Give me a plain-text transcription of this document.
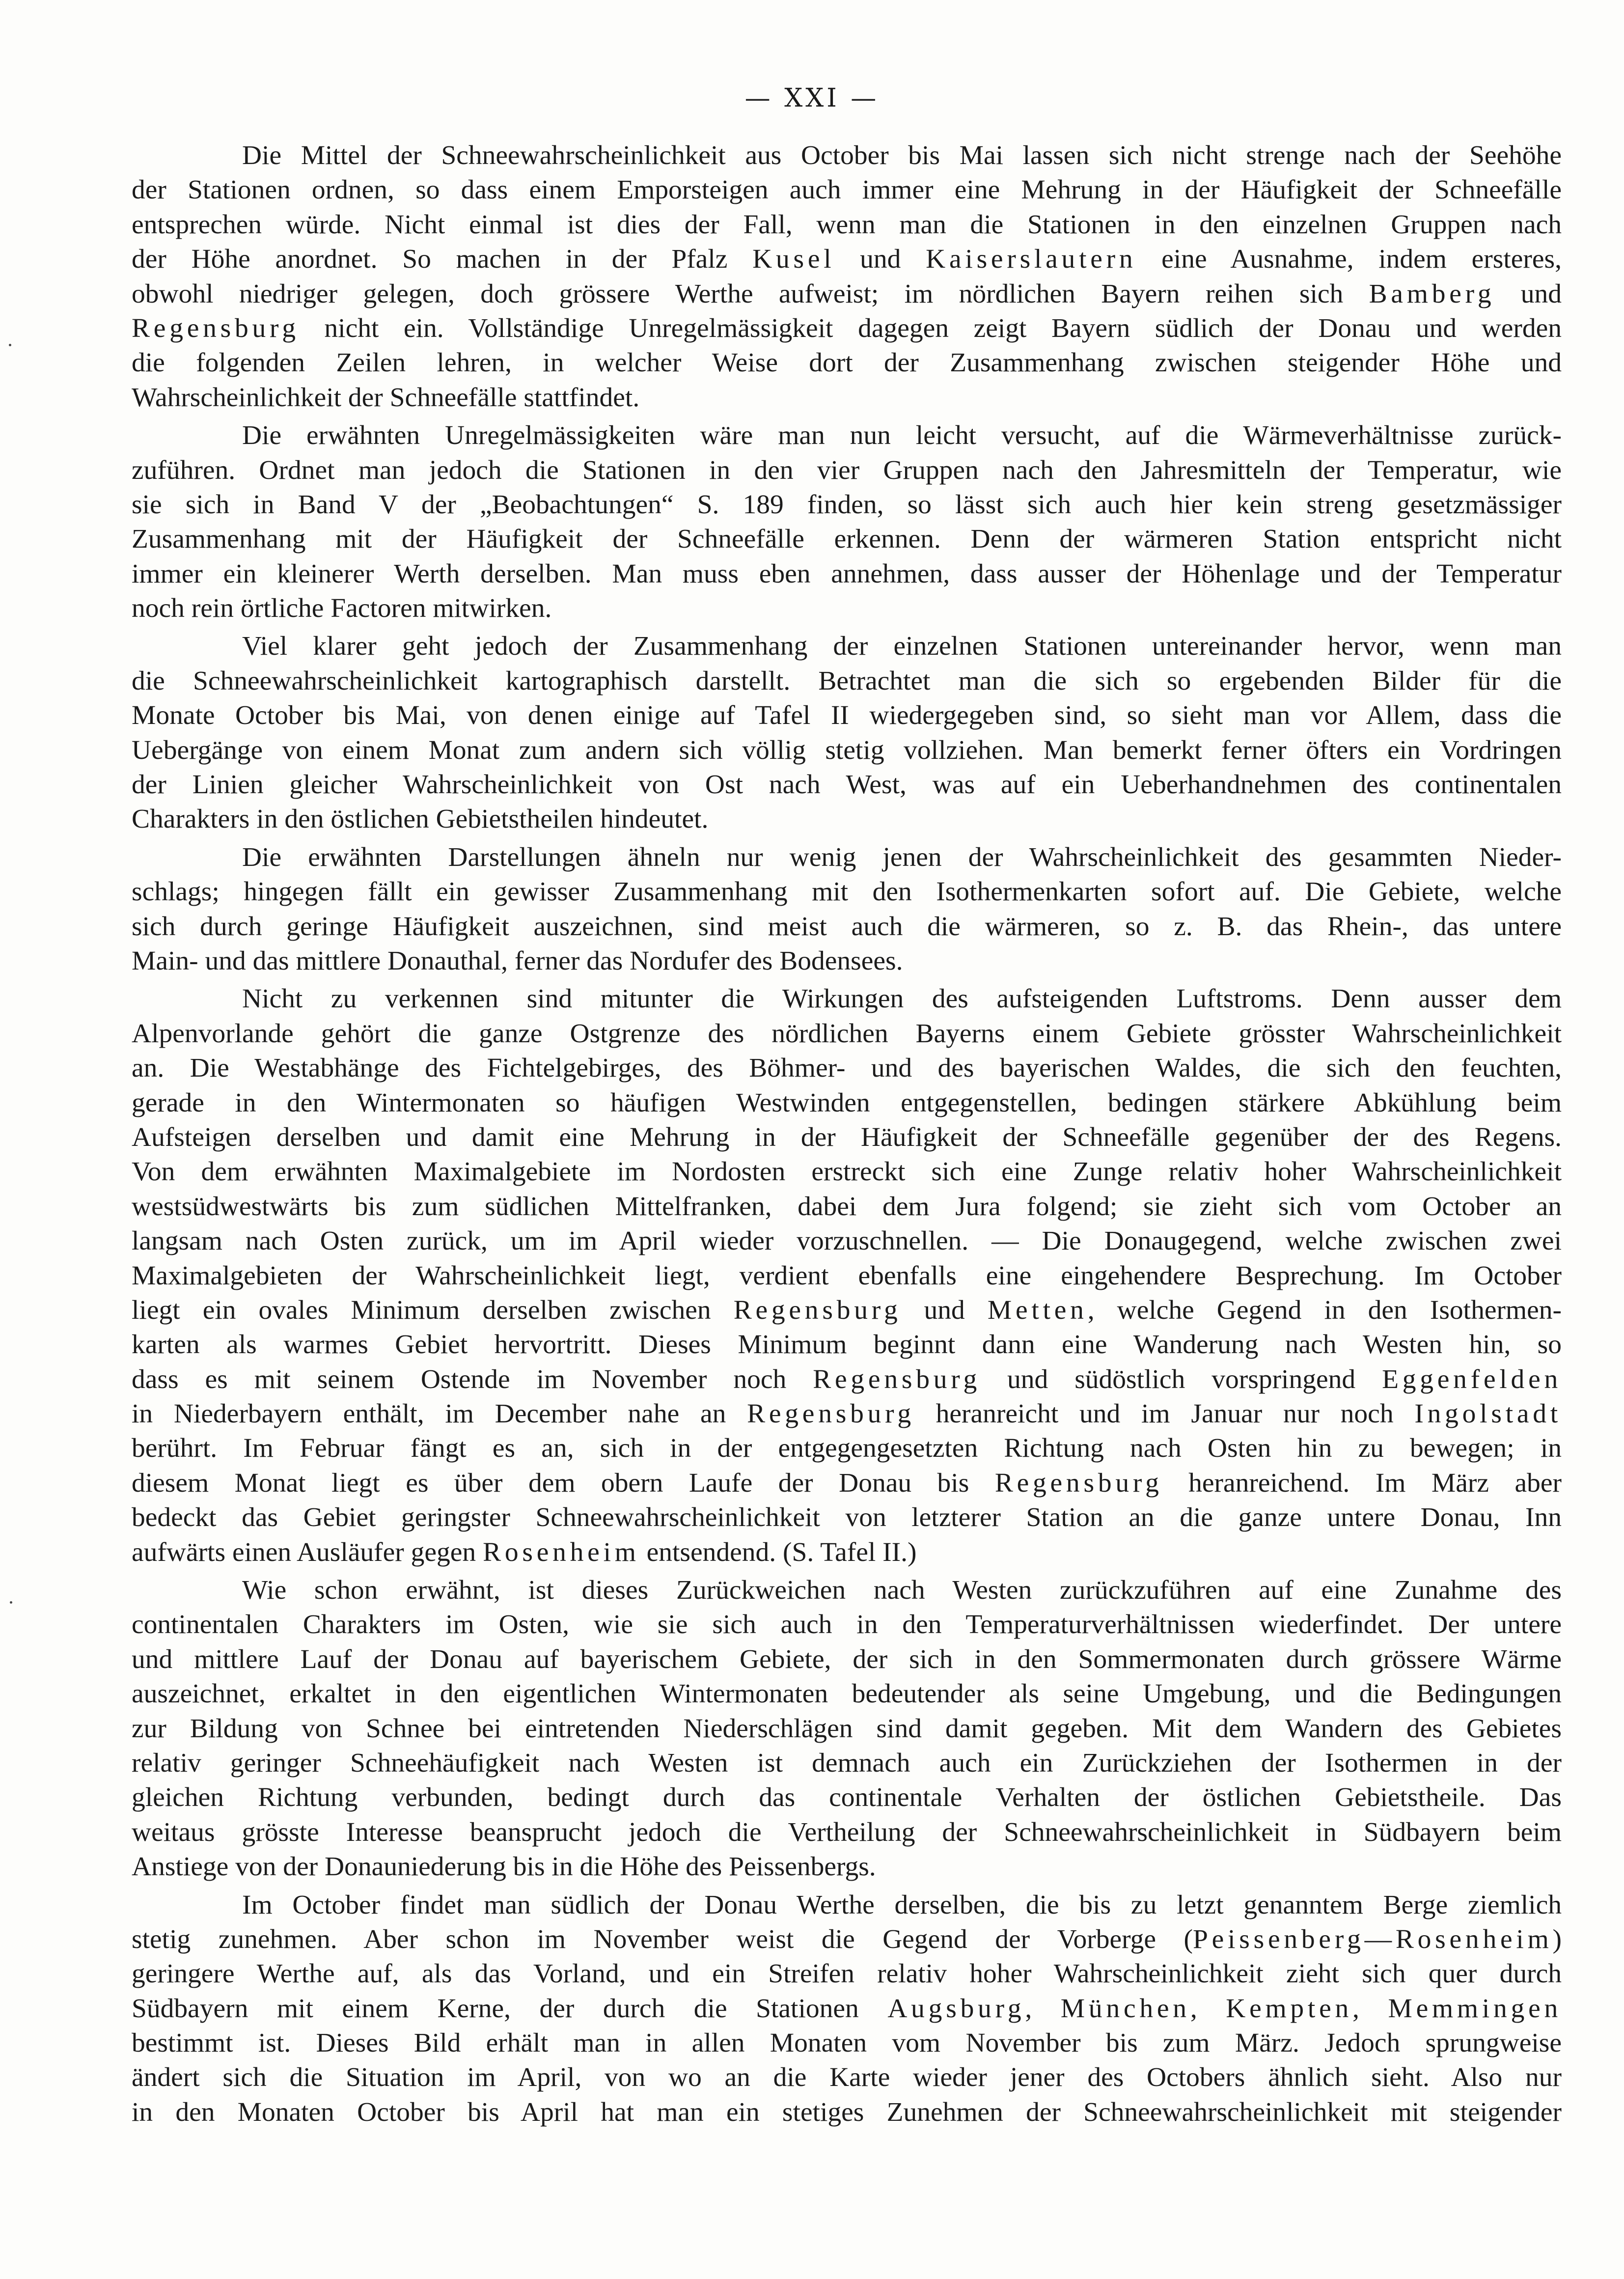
— XXI —
Die Mittel der Schneewahrscheinlichkeit aus October bis Mai lassen sich nicht strenge nach der Seehöhe
der Stationen ordnen, so dass einem Emporsteigen auch immer eine Mehrung in der Häufigkeit der Schneefälle
entsprechen würde. Nicht einmal ist dies der Fall, wenn man die Stationen in den einzelnen Gruppen nach
der Höhe anordnet. So machen in der Pfalz Kusel und Kaiserslautern eine Ausnahme, indem ersteres,
obwohl niedriger gelegen, doch grössere Werthe aufweist; im nördlichen Bayern reihen sich Bamberg und
Regensburg nicht ein. Vollständige Unregelmässigkeit dagegen zeigt Bayern südlich der Donau und werden
die folgenden Zeilen lehren, in welcher Weise dort der Zusammenhang zwischen steigender Höhe und
Wahrscheinlichkeit der Schneefälle stattfindet.
Die erwähnten Unregelmässigkeiten wäre man nun leicht versucht, auf die Wärmeverhältnisse zurück-
zuführen. Ordnet man jedoch die Stationen in den vier Gruppen nach den Jahresmitteln der Temperatur, wie
sie sich in Band V der „Beobachtungen“ S. 189 finden, so lässt sich auch hier kein streng gesetzmässiger
Zusammenhang mit der Häufigkeit der Schneefälle erkennen. Denn der wärmeren Station entspricht nicht
immer ein kleinerer Werth derselben. Man muss eben annehmen, dass ausser der Höhenlage und der Temperatur
noch rein örtliche Factoren mitwirken.
Viel klarer geht jedoch der Zusammenhang der einzelnen Stationen untereinander hervor, wenn man
die Schneewahrscheinlichkeit kartographisch darstellt. Betrachtet man die sich so ergebenden Bilder für die
Monate October bis Mai, von denen einige auf Tafel II wiedergegeben sind, so sieht man vor Allem, dass die
Uebergänge von einem Monat zum andern sich völlig stetig vollziehen. Man bemerkt ferner öfters ein Vordringen
der Linien gleicher Wahrscheinlichkeit von Ost nach West, was auf ein Ueberhandnehmen des continentalen
Charakters in den östlichen Gebietstheilen hindeutet.
Die erwähnten Darstellungen ähneln nur wenig jenen der Wahrscheinlichkeit des gesammten Nieder-
schlags; hingegen fällt ein gewisser Zusammenhang mit den Isothermenkarten sofort auf. Die Gebiete, welche
sich durch geringe Häufigkeit auszeichnen, sind meist auch die wärmeren, so z. B. das Rhein-, das untere
Main- und das mittlere Donauthal, ferner das Nordufer des Bodensees.
Nicht zu verkennen sind mitunter die Wirkungen des aufsteigenden Luftstroms. Denn ausser dem
Alpenvorlande gehört die ganze Ostgrenze des nördlichen Bayerns einem Gebiete grösster Wahrscheinlichkeit
an. Die Westabhänge des Fichtelgebirges, des Böhmer- und des bayerischen Waldes, die sich den feuchten,
gerade in den Wintermonaten so häufigen Westwinden entgegenstellen, bedingen stärkere Abkühlung beim
Aufsteigen derselben und damit eine Mehrung in der Häufigkeit der Schneefälle gegenüber der des Regens.
Von dem erwähnten Maximalgebiete im Nordosten erstreckt sich eine Zunge relativ hoher Wahrscheinlichkeit
westsüdwestwärts bis zum südlichen Mittelfranken, dabei dem Jura folgend; sie zieht sich vom October an
langsam nach Osten zurück, um im April wieder vorzuschnellen. — Die Donaugegend, welche zwischen zwei
Maximalgebieten der Wahrscheinlichkeit liegt, verdient ebenfalls eine eingehendere Besprechung. Im October
liegt ein ovales Minimum derselben zwischen Regensburg und Metten, welche Gegend in den Isothermen-
karten als warmes Gebiet hervortritt. Dieses Minimum beginnt dann eine Wanderung nach Westen hin, so
dass es mit seinem Ostende im November noch Regensburg und südöstlich vorspringend Eggenfelden
in Niederbayern enthält, im December nahe an Regensburg heranreicht und im Januar nur noch Ingolstadt
berührt. Im Februar fängt es an, sich in der entgegengesetzten Richtung nach Osten hin zu bewegen; in
diesem Monat liegt es über dem obern Laufe der Donau bis Regensburg heranreichend. Im März aber
bedeckt das Gebiet geringster Schneewahrscheinlichkeit von letzterer Station an die ganze untere Donau, Inn
aufwärts einen Ausläufer gegen Rosenheim entsendend. (S. Tafel II.)
Wie schon erwähnt, ist dieses Zurückweichen nach Westen zurückzuführen auf eine Zunahme des
continentalen Charakters im Osten, wie sie sich auch in den Temperaturverhältnissen wiederfindet. Der untere
und mittlere Lauf der Donau auf bayerischem Gebiete, der sich in den Sommermonaten durch grössere Wärme
auszeichnet, erkaltet in den eigentlichen Wintermonaten bedeutender als seine Umgebung, und die Bedingungen
zur Bildung von Schnee bei eintretenden Niederschlägen sind damit gegeben. Mit dem Wandern des Gebietes
relativ geringer Schneehäufigkeit nach Westen ist demnach auch ein Zurückziehen der Isothermen in der
gleichen Richtung verbunden, bedingt durch das continentale Verhalten der östlichen Gebietstheile. Das
weitaus grösste Interesse beansprucht jedoch die Vertheilung der Schneewahrscheinlichkeit in Südbayern beim
Anstiege von der Donauniederung bis in die Höhe des Peissenbergs.
Im October findet man südlich der Donau Werthe derselben, die bis zu letzt genanntem Berge ziemlich
stetig zunehmen. Aber schon im November weist die Gegend der Vorberge (Peissenberg—Rosenheim)
geringere Werthe auf, als das Vorland, und ein Streifen relativ hoher Wahrscheinlichkeit zieht sich quer durch
Südbayern mit einem Kerne, der durch die Stationen Augsburg, München, Kempten, Memmingen
bestimmt ist. Dieses Bild erhält man in allen Monaten vom November bis zum März. Jedoch sprungweise
ändert sich die Situation im April, von wo an die Karte wieder jener des Octobers ähnlich sieht. Also nur
in den Monaten October bis April hat man ein stetiges Zunehmen der Schneewahrscheinlichkeit mit steigender
